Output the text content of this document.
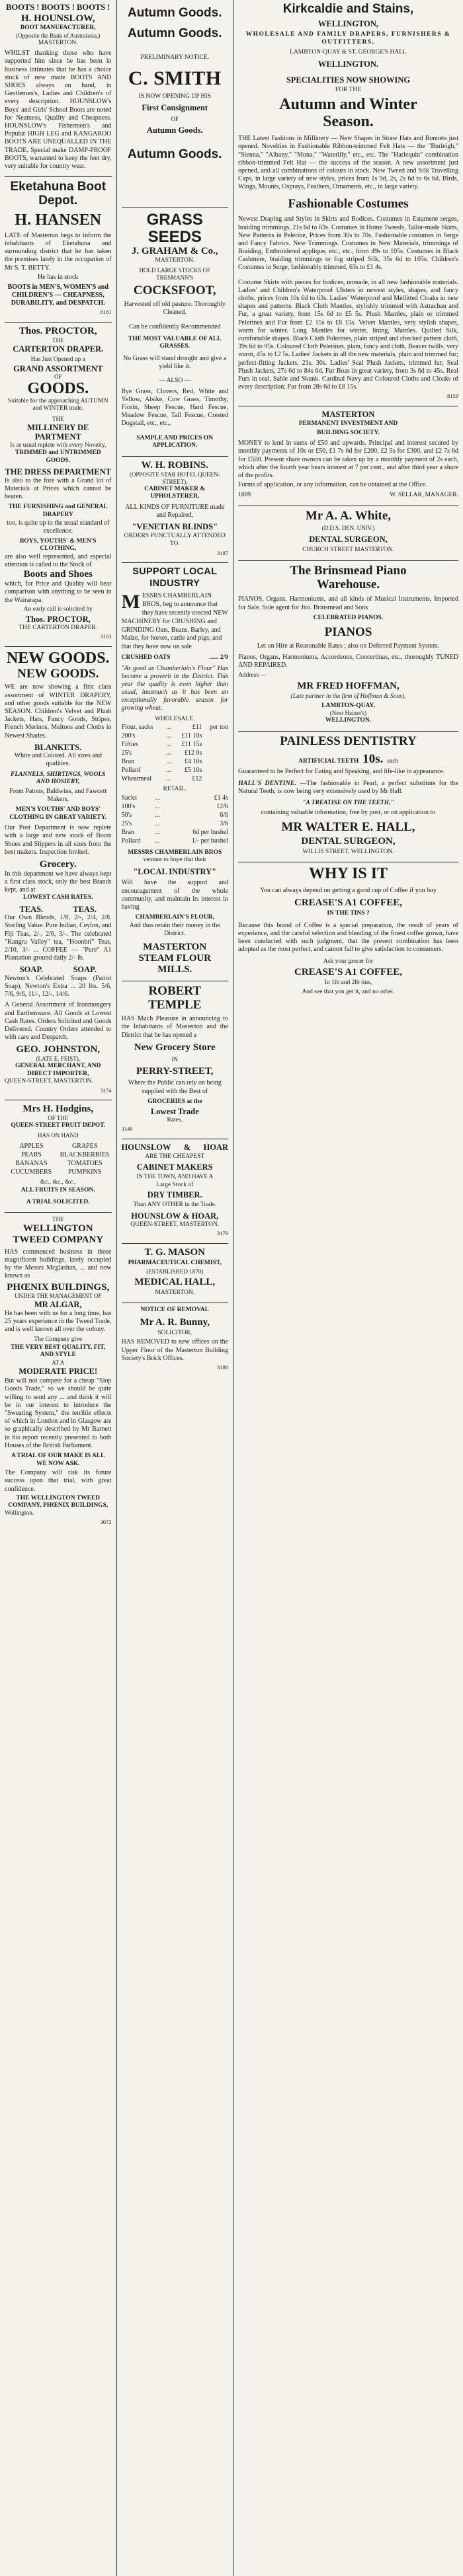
BOOTS ! BOOTS ! BOOTS !
H. HOUNSLOW,
BOOT MANUFACTURER,
(Opposite the Bank of Australasia,)
MASTERTON.

WHILST thanking those who have supported him since he has been in business intimates that he has a choice stock of new made BOOTS AND SHOES always on hand, in Gentlemen's, Ladies and Children's of every description. HOUNSLOW's Boys' and Girls' School Boots are noted for Neatness, Quality and Cheapness. HOUNSLOW's Fishermen's and Popular HIGH LEG and KANGAROO BOOTS ARE UNEQUALLED IN THE TRADE. Special make DAMP-PROOF BOOTS, warranted to keep the feet dry, very suitable for country wear.

Eketahuna Boot
Depot.
H. HANSEN

LATE of Masterton begs to inform the inhabitants of Eketahuna and surrounding district that he has taken the premises lately in the occupation of Mr S. T. BETTY.

He has in stock

BOOTS in MEN'S, WOMEN'S and CHILDREN'S — CHEAPNESS, DURABILITY, and DESPATCH.

8181
Thos. PROCTOR,
THE
CARTERTON DRAPER.
Has Just Opened up a
GRAND ASSORTMENT
OF
GOODS.
Suitable for the approaching AUTUMN and WINTER trade.
THE
MILLINERY DE
PARTMENT
Is as usual replete with every Novelty,
TRIMMED and UNTRIMMED GOODS.
THE DRESS DEPARTMENT

Is also to the fore with a Grand lot of Materials at Prices which cannot be beaten.

THE FURNISHING and GENERAL DRAPERY

too, is quite up to the usual standard of excellence.

BOYS, YOUTHS' & MEN'S CLOTHING,

are also well represented, and especial attention is called to the Stock of

Boots and Shoes

which, for Price and Quality will bear comparison with anything to be seen in the Wairarapa.

An early call is solicited by
Thos. PROCTOR,
THE CARTERTON DRAPER.
3163
NEW GOODS.
NEW GOODS.

WE are now showing a first class assortment of WINTER DRAPERY, and other goods suitable for the NEW SEASON. Children's Velvet and Plush Jackets, Hats, Fancy Goods, Stripes, French Merinos, Meltons and Cloths in Newest Shades.

BLANKETS.

White and Colored. All sizes and qualities.

FLANNELS, SHIRTINGS, WOOLS AND HOSIERY,

From Patons, Baldwins, and Fawcett Makers.

MEN'S YOUTHS' AND BOYS' CLOTHING IN GREAT VARIETY.

Our Post Department is now replete with a large and new stock of Boots Shoes and Slippers in all sizes from the best makers. Inspection Invited.

Grocery.

In this department we have always kept a first class stock, only the best Brands kept, and at

LOWEST CASH RATES.
TEAS.	TEAS.

Our Own Blends, 1/8, 2/-, 2/4, 2/8. Sterling Value. Pure Indian, Ceylon, and Fiji Teas, 2/-, 2/6, 3/-. The celebrated "Kangra Valley" tea, "Hoonbri" Teas, 2/10, 3/- ... COFFEE — "Pure" A1 Plantation ground daily 2/- lb.

SOAP.	SOAP.

Newton's Celebrated Soaps (Parrot Soap), Newton's Extra ... 20 lbs. 5/6, 7/6, 9/6, 11/-, 12/-, 14/6.

A General Assortment of Ironmongery and Earthenware. All Goods at Lowest Cash Rates. Orders Solicited and Goods Delivered. Country Orders attended to with care and Despatch.

GEO. JOHNSTON,
(LATE E. FEIST),
GENERAL MERCHANT, AND DIRECT IMPORTER,
QUEEN-STREET, MASTERTON.
3174
Mrs H. Hodgins,
OF THE
QUEEN-STREET FRUIT DEPOT.
HAS ON HAND
APPLES	GRAPES
PEARS	BLACKBERRIES
BANANAS	TOMATOES
CUCUMBERS	PUMPKINS
&c., &c., &c.,
ALL FRUITS IN SEASON.
A TRIAL SOLICITED.
THE
WELLINGTON
TWEED COMPANY

HAS commenced business in those magnificent buildings, lately occupied by the Messrs Mcglashan, ... and now known as

PHŒNIX BUILDINGS,
UNDER THE MANAGEMENT OF
MR ALGAR,

He has been with us for a long time, has 25 years experience in the Tweed Trade, and is well known all over the colony.

The Company give
THE VERY BEST QUALITY, FIT,
AND STYLE
AT A
MODERATE PRICE!

But will not compete for a cheap "Slop Goods Trade," so we should be quite willing to send any ... and think it will be in our interest to introduce the "Sweating System," the terrible effects of which in London and in Glasgow are so graphically described by Mr Barnett in his report recently presented to both Houses of the British Parliament.

A TRIAL OF OUR MAKE IS ALL
WE NOW ASK.

The Company will risk its future success upon that trial, with great confidence.

THE WELLINGTON TWEED COMPANY, PHŒNIX BUILDINGS,
Wellington.
3072
Autumn Goods.
Autumn Goods.
PRELIMINARY NOTICE.
C. SMITH
IS NOW OPENING UP HIS
First Consignment
OF
Autumn Goods.
Autumn Goods.
GRASS SEEDS
J. GRAHAM & Co.,
MASTERTON.
HOLD LARGE STOCKS OF TRESMANN'S
COCKSFOOT,

Harvested off old pasture. Thoroughly Cleaned.

Can be confidently Recommended

THE MOST VALUABLE OF ALL GRASSES.

No Grass will stand drought and give a yield like it.

— ALSO —

Rye Grass, Clovers, Red, White and Yellow, Alsike, Cow Grass, Timothy, Fiorin, Sheep Fescue, Hard Fescue, Meadow Fescue, Tall Fescue, Crested Dogstail, etc., etc.,

SAMPLE AND PRICES ON APPLICATION.
W. H. ROBINS.
(OPPOSITE STAR HOTEL QUEEN-STREET),
CABINET MAKER & UPHOLSTERER,

ALL KINDS OF FURNITURE made and Repaired,

"VENETIAN BLINDS"
ORDERS PUNCTUALLY ATTENDED TO.
3187
SUPPORT LOCAL INDUSTRY
M ESSRS CHAMBERLAIN BROS, beg to announce that they have recently erected NEW MACHINERY for CRUSHING and GRINDING Oats, Beans, Barley, and Maize, for horses, cattle and pigs, and that they have now on sale
CRUSHED OATS	...... 2/9

"As good as Chamberlain's Flour" Has become a proverb in the District. This year the quality is even higher than usual, inasmuch as it has been an exceptionally favorable season for growing wheat.

WHOLESALE.
Flour, sacks	...	£11	per ton
200's	...	£11 10s	
Fifties	...	£11 15s	
25's	...	£12 0s	
Bran	...	£4 10s	
Pollard	...	£5 10s	
Wheatmeal	...	£12	
RETAIL.
Sacks	...	£1 4s
100's	...	12/6
50's	...	6/6
25's	...	3/6
Bran	...	6d per bushel
Pollard	...	1/- per bushel
MESSRS CHAMBERLAIN BROS
venture to hope that their
"LOCAL INDUSTRY"

Will have the support and encouragement of the whole community, and maintain its interest in having

CHAMBERLAIN'S FLOUR,

And thus retain their money in the District.

MASTERTON
STEAM FLOUR MILLS.
ROBERT TEMPLE

HAS Much Pleasure in announcing to the Inhabitants of Masterton and the District that he has opened a

New Grocery Store
IN
PERRY-STREET,

Where the Public can rely on being supplied with the Best of

GROCERIES at the
Lowest Trade
Rates.
3149
HOUNSLOW & HOAR
ARE THE CHEAPEST
CABINET MAKERS
IN THE TOWN, AND HAVE A
Large Stock of
DRY TIMBER.
Than ANY OTHER in the Trade.
HOUNSLOW & HOAR,
QUEEN-STREET, MASTERTON.
3179
T. G. MASON
PHARMACEUTICAL CHEMIST,
(ESTABLISHED 1870)
MEDICAL HALL,
MASTERTON.
NOTICE OF REMOVAL
Mr A. R. Bunny,
SOLICITOR,

HAS REMOVED to new offices on the Upper Floor of the Masterton Building Society's Brick Offices.

3188
Kirkcaldie and Stains,
WELLINGTON,
WHOLESALE AND FAMILY DRAPERS, FURNISHERS & OUTFITTERS,
LAMBTON-QUAY & ST. GEORGE'S HALL
WELLINGTON.
SPECIALITIES NOW SHOWING
FOR THE
Autumn and Winter
Season.

THE Latest Fashions in Millinery — New Shapes in Straw Hats and Bonnets just opened. Novelties in Fashionable Ribbon-trimmed Felt Hats — the "Burleigh," "Sienna," "Albany," "Mona," "Waterlily," etc., etc. The "Harlequin" combination ribbon-trimmed Felt Hat — the success of the season. A new assortment just opened, and all combinations of colours in stock. New Tweed and Silk Travelling Caps, in large variety of new styles, prices from 1s 9d, 2s, 2s 6d to 6s 6d. Birds, Wings, Mounts, Osprays, Feathers, Ornaments, etc., in large variety.

Fashionable Costumes

Newest Draping and Styles in Skirts and Bodices. Costumes in Estamene serges, braiding trimmings, 21s 6d to 63s. Costumes in Home Tweeds, Tailor-made Skirts, New Patterns in Pelerine, Prices from 30s to 70s. Fashionable costumes in Serge and Fancy Fabrics. New Trimmings. Costumes in New Materials, trimmings of Braiding, Embroidered applique, etc., etc., from 49s to 105s. Costumes in Black Cashmere, braiding trimmings or fog striped Silk, 35s 6d to 105s. Children's Costumes in Serge, fashionably trimmed, 63s to £1 4s.

Costume Skirts with pieces for bodices, unmade, in all new fashionable materials. Ladies' and Children's Waterproof Ulsters in newest styles, shapes, and fancy cloths, prices from 10s 6d to 63s. Ladies' Waterproof and Mellitted Cloaks in new shapes and patterns. Black Cloth Mantles, stylishly trimmed with Astrachan and Fur, a great variety, from 15s 6d to £5 5s. Plush Mantles, plain or trimmed Pelerines and Fur from £2 15s to £8 15s. Velvet Mantles, very stylish shapes, warm for winter. Long Mantles for winter, lining, Mantles. Quilted Silk, comfortable shapes. Black Cloth Polerines, plain striped and checked pattern cloth, 39s 6d to 95s. Coloured Cloth Pelerines, plain, fancy and cloth, Beaver twills, very warm, 45s to £2 5s. Ladies' Jackets in all the new materials, plain and trimmed fur; perfect-fitting Jackets, 21s, 30s. Ladies' Seal Plush Jackets, trimmed fur; Seal Plush Jackets, 27s 6d to 84s 6d. Fur Boas in great variety, from 3s 6d to 45s. Real Furs in seal, Sable and Skunk. Cardinal Navy and Coloured Cloths and Cloaks of every description; Fur from 28s 6d to £8 15s.

8159
MASTERTON
PERMANENT INVESTMENT AND
BUILDING SOCIETY.

MONEY to lend in sums of £50 and upwards. Principal and interest secured by monthly payments of 10s or £50, £1 7s 6d for £200, £2 5s for £300, and £2 7s 6d for £500. Present share owners can be taken up by a monthly payment of 2s each, which after the fourth year bears interest at 7 per cent., and after third year a share of the profits.

Forms of application, or any information, can be obtained at the Office.

1889	W. SELLAR, MANAGER.
Mr A. A. White,
(D.D.S. DEN. UNIV.)
DENTAL SURGEON,
CHURCH STREET MASTERTON.
The Brinsmead Piano
Warehouse.

PIANOS, Organs, Harmoniums, and all kinds of Musical Instruments, Imported for Sale. Sole agent for Jno. Brinsmead and Sons

CELEBRATED PIANOS.
PIANOS

Let on Hire at Reasonable Rates ; also on Deferred Payment System.

Pianos, Organs, Harmoniums, Accordeons, Concertinas, etc., thoroughly TUNED AND REPAIRED.

Address —
MR FRED HOFFMAN,
(Late partner in the firm of Hoffman & Sons),
LAMBTON-QUAY,
(Next Hainer's)
WELLINGTON.
PAINLESS DENTISTRY
ARTIFICIAL TEETH 10s. each

Guaranteed to be Perfect for Eating and Speaking, and life-like in appearance.

HALL'S DENTINE. —The fashionable in Pearl, a perfect substitute for the Natural Teeth, is now being very extensively used by Mr Hall.

"A TREATISE ON THE TEETH,"

containing valuable information, free by post, or on application to

MR WALTER E. HALL,
DENTAL SURGEON,
WILLIS STREET, WELLINGTON.
WHY IS IT

You can always depend on getting a good cup of Coffee if you buy

CREASE'S A1 COFFEE,
IN THE TINS ?

Because this brand of Coffee is a special preparation, the result of years of experience, and the careful selection and blending of the finest coffee grown, have been conducted with such judgment, that the present combination has been adopted as the most perfect, and cannot fail to give satisfaction to consumers.

Ask your grocer for
CREASE'S A1 COFFEE,
In 1lb and 2lb tins,
And see that you get it, and no other.
